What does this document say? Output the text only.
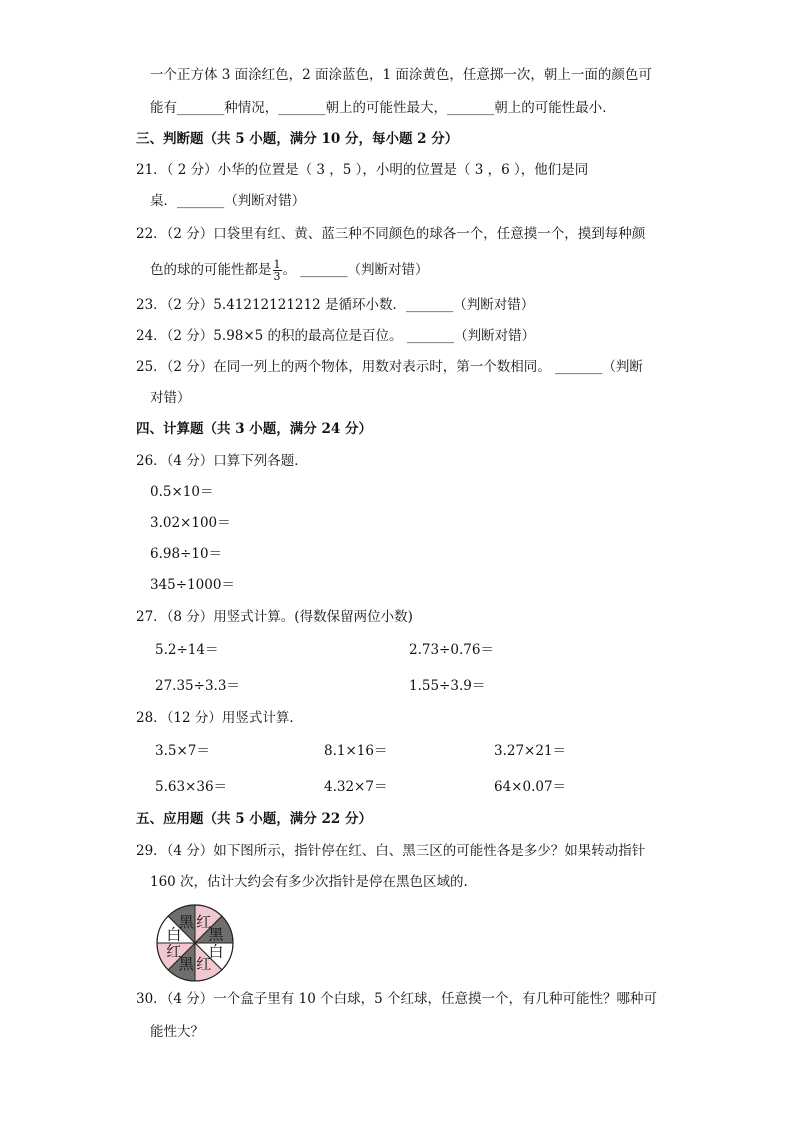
一个正方体 3 面涂红色，2 面涂蓝色，1 面涂黄色，任意掷一次，朝上一面的颜色可
能有_______种情况，_______朝上的可能性最大，_______朝上的可能性最小．
三、判断题（共 5 小题，满分 10 分，每小题 2 分）
21．（ 2 分）小华的位置是（ 3 ，5 ），小明的位置是（ 3 ，6 ），他们是同
桌．_______（判断对错）
22．（2 分）口袋里有红、黄、蓝三种不同颜色的球各一个，任意摸一个，摸到每种颜
色的球的可能性都是 $\frac{1}{3}$ 。 _______（判断对错）
23．（2 分）5.41212121212 是循环小数．_______（判断对错）
24．（2 分）5.98×5 的积的最高位是百位。 _______（判断对错）
25．（2 分）在同一列上的两个物体，用数对表示时，第一个数相同。 _______（判断
对错）
四、计算题（共 3 小题，满分 24 分）
26．（4 分）口算下列各题．
0.5×10＝
3.02×100＝
6.98÷10＝
345÷1000＝
27．（8 分）用竖式计算。(得数保留两位小数)
5.2÷14＝	2.73÷0.76＝
27.35÷3.3＝	1.55÷3.9＝
28．（12 分）用竖式计算．
3.5×7＝	8.1×16＝	3.27×21＝
5.63×36＝	4.32×7＝	64×0.07＝
五、应用题（共 5 小题，满分 22 分）
29．（4 分）如下图所示，指针停在红、白、黑三区的可能性各是多少？如果转动指针
160 次，估计大约会有多少次指针是停在黑色区域的.
红
黑
白
红
黑
红
白
黑
30．（4 分）一个盒子里有 10 个白球，5 个红球，任意摸一个，有几种可能性？哪种可
能性大？
